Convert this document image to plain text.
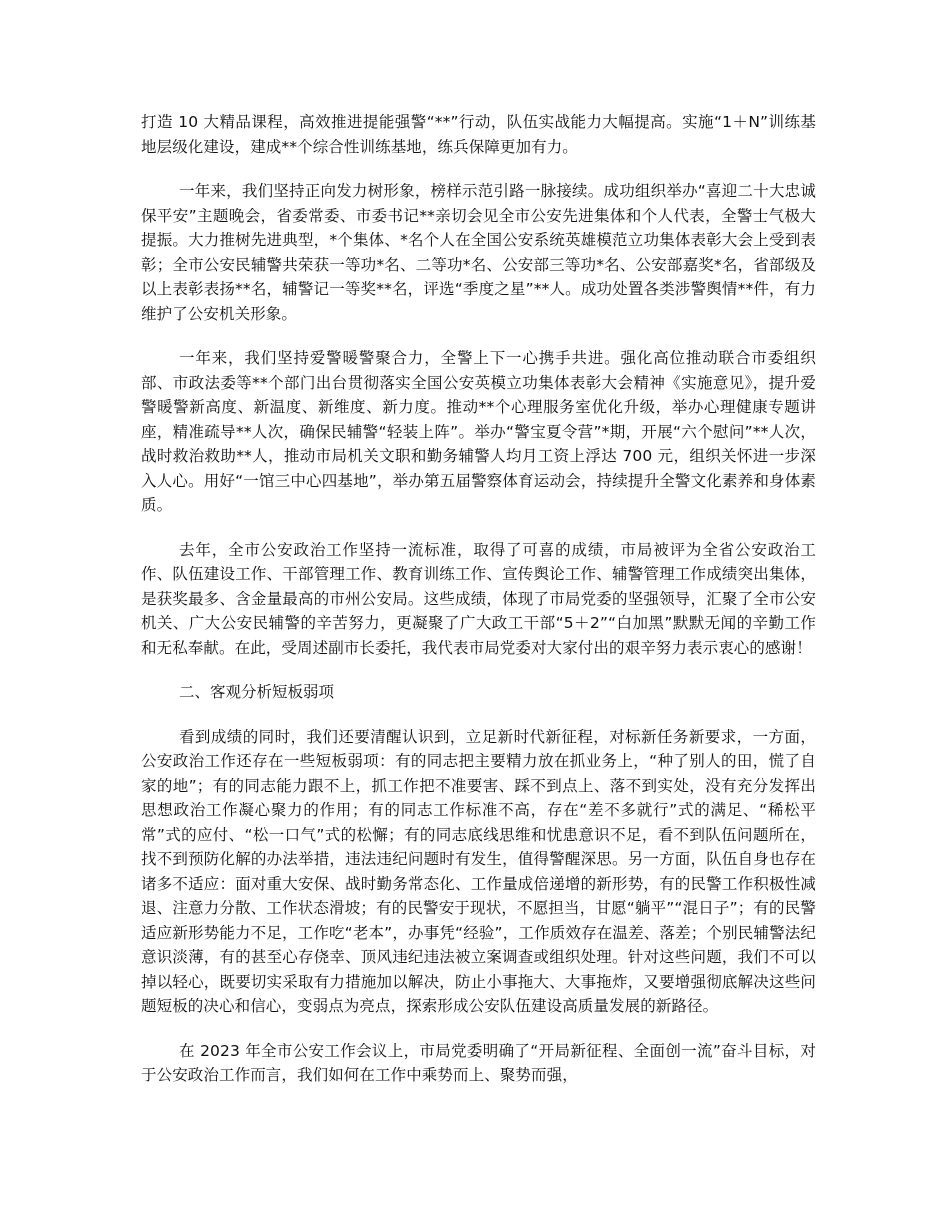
打造 10 大精品课程，高效推进提能强警“**”行动，队伍实战能力大幅提高。实施“1＋N”训练基地层级化建设，建成**个综合性训练基地，练兵保障更加有力。

一年来，我们坚持正向发力树形象，榜样示范引路一脉接续。成功组织举办“喜迎二十大忠诚保平安”主题晚会，省委常委、市委书记**亲切会见全市公安先进集体和个人代表，全警士气极大提振。大力推树先进典型，*个集体、*名个人在全国公安系统英雄模范立功集体表彰大会上受到表彰；全市公安民辅警共荣获一等功*名、二等功*名、公安部三等功*名、公安部嘉奖*名，省部级及以上表彰表扬**名，辅警记一等奖**名，评选“季度之星”**人。成功处置各类涉警舆情**件，有力维护了公安机关形象。

一年来，我们坚持爱警暖警聚合力，全警上下一心携手共进。强化高位推动联合市委组织部、市政法委等**个部门出台贯彻落实全国公安英模立功集体表彰大会精神《实施意见》，提升爱警暖警新高度、新温度、新维度、新力度。推动**个心理服务室优化升级，举办心理健康专题讲座，精准疏导**人次，确保民辅警“轻装上阵”。举办“警宝夏令营”*期，开展“六个慰问”**人次，战时救治救助**人，推动市局机关文职和勤务辅警人均月工资上浮达 700 元，组织关怀进一步深入人心。用好“一馆三中心四基地”，举办第五届警察体育运动会，持续提升全警文化素养和身体素质。

去年，全市公安政治工作坚持一流标准，取得了可喜的成绩，市局被评为全省公安政治工作、队伍建设工作、干部管理工作、教育训练工作、宣传舆论工作、辅警管理工作成绩突出集体，是获奖最多、含金量最高的市州公安局。这些成绩，体现了市局党委的坚强领导，汇聚了全市公安机关、广大公安民辅警的辛苦努力，更凝聚了广大政工干部“5＋2”“白加黑”默默无闻的辛勤工作和无私奉献。在此，受周述副市长委托，我代表市局党委对大家付出的艰辛努力表示衷心的感谢！

二、客观分析短板弱项

看到成绩的同时，我们还要清醒认识到，立足新时代新征程，对标新任务新要求，一方面，公安政治工作还存在一些短板弱项：有的同志把主要精力放在抓业务上，“种了别人的田，慌了自家的地”；有的同志能力跟不上，抓工作把不准要害、踩不到点上、落不到实处，没有充分发挥出思想政治工作凝心聚力的作用；有的同志工作标准不高，存在“差不多就行”式的满足、“稀松平常”式的应付、“松一口气”式的松懈；有的同志底线思维和忧患意识不足，看不到队伍问题所在，找不到预防化解的办法举措，违法违纪问题时有发生，值得警醒深思。另一方面，队伍自身也存在诸多不适应：面对重大安保、战时勤务常态化、工作量成倍递增的新形势，有的民警工作积极性减退、注意力分散、工作状态滑坡；有的民警安于现状，不愿担当，甘愿“躺平”“混日子”；有的民警适应新形势能力不足，工作吃“老本”，办事凭“经验”，工作质效存在温差、落差；个别民辅警法纪意识淡薄，有的甚至心存侥幸、顶风违纪违法被立案调查或组织处理。针对这些问题，我们不可以掉以轻心，既要切实采取有力措施加以解决，防止小事拖大、大事拖炸，又要增强彻底解决这些问题短板的决心和信心，变弱点为亮点，探索形成公安队伍建设高质量发展的新路径。

在 2023 年全市公安工作会议上，市局党委明确了“开局新征程、全面创一流”奋斗目标，对于公安政治工作而言，我们如何在工作中乘势而上、聚势而强，
